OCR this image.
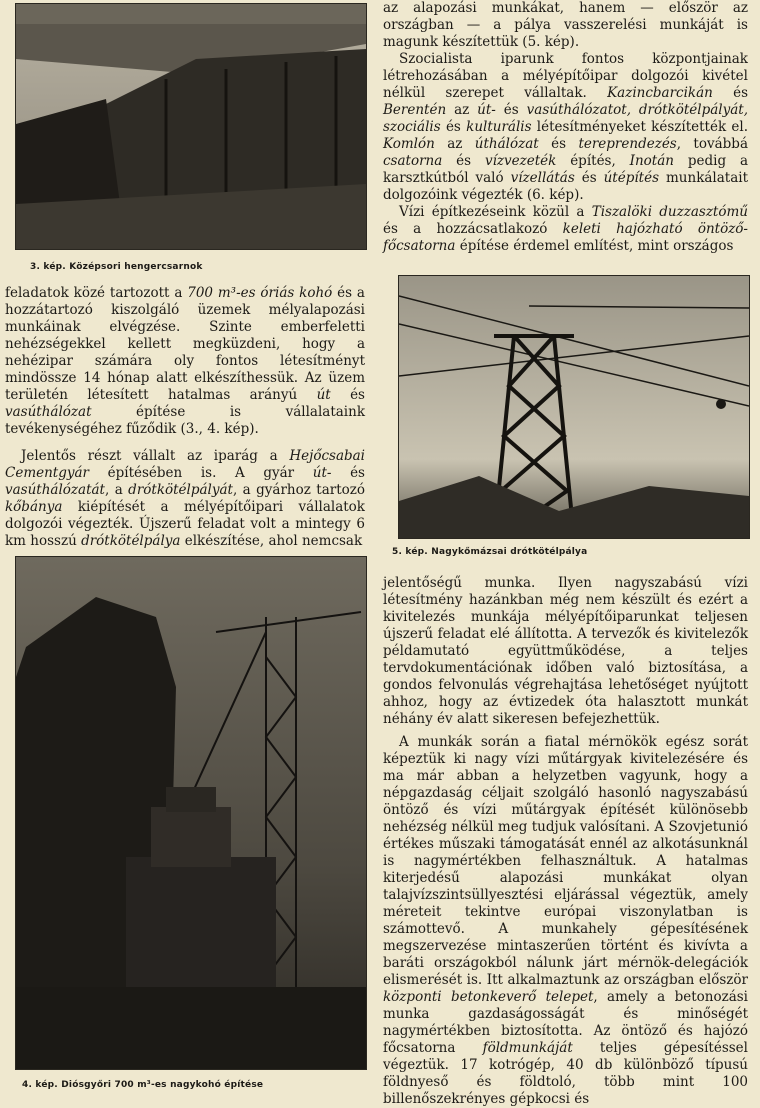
3. kép. Középsori hengercsarnok

feladatok közé tartozott a 700 m³-es óriás kohó és a hozzátartozó kiszolgáló üzemek mélyalapozási munkáinak elvégzése. Szinte emberfeletti nehézségekkel kellett megküzdeni, hogy a nehézipar számára oly fontos létesítményt mindössze 14 hónap alatt elkészíthessük. Az üzem területén létesített hatalmas arányú út és vasúthálózat építése is vállalataink tevékenységéhez fűződik (3., 4. kép).

Jelentős részt vállalt az iparág a Hejőcsabai Cementgyár építésében is. A gyár út- és vasúthálózatát, a drótkötélpályát, a gyárhoz tartozó kőbánya kiépítését a mélyépítőipari vállalatok dolgozói végezték. Újszerű feladat volt a mintegy 6 km hosszú drótkötélpálya elkészítése, ahol nemcsak

4. kép. Diósgyőri 700 m³-es nagykohó építése

az alapozási munkákat, hanem — először az országban — a pálya vasszerelési munkáját is magunk készítettük (5. kép).

Szocialista iparunk fontos központjainak létrehozásában a mélyépítőipar dolgozói kivétel nélkül szerepet vállaltak. Kazincbarcikán és Berentén az út- és vasúthálózatot, drótkötélpályát, szociális és kulturális létesítményeket készítették el. Komlón az úthálózat és tereprendezés, továbbá csatorna és vízvezeték építés, Inotán pedig a karsztkútból való vízellátás és útépítés munkálatait dolgozóink végezték (6. kép).

Vízi építkezéseink közül a Tiszalöki duzzasztómű és a hozzácsatlakozó keleti hajózható öntöző-főcsatorna építése érdemel említést, mint országos

5. kép. Nagykőmázsai drótkötélpálya

jelentőségű munka. Ilyen nagyszabású vízi létesítmény hazánkban még nem készült és ezért a kivitelezés munkája mélyépítőiparunkat teljesen újszerű feladat elé állította. A tervezők és kivitelezők példamutató együttműködése, a teljes tervdokumentációnak időben való biztosítása, a gondos felvonulás végrehajtása lehetőséget nyújtott ahhoz, hogy az évtizedek óta halasztott munkát néhány év alatt sikeresen befejezhettük.

A munkák során a fiatal mérnökök egész sorát képeztük ki nagy vízi műtárgyak kivitelezésére és ma már abban a helyzetben vagyunk, hogy a népgazdaság céljait szolgáló hasonló nagyszabású öntöző és vízi műtárgyak építését különösebb nehézség nélkül meg tudjuk valósítani. A Szovjetunió értékes műszaki támogatását ennél az alkotásunknál is nagymértékben felhasználtuk. A hatalmas kiterjedésű alapozási munkákat olyan talajvízszintsüllyesztési eljárással végeztük, amely méreteit tekintve európai viszonylatban is számottevő. A munkahely gépesítésének megszervezése mintaszerűen történt és kivívta a baráti országokból nálunk járt mérnök-delegációk elismerését is. Itt alkalmaztunk az országban először központi betonkeverő telepet, amely a betonozási munka gazdaságosságát és minőségét nagymértékben biztosította. Az öntöző és hajózó főcsatorna földmunkáját teljes gépesítéssel végeztük. 17 kotrógép, 40 db különböző típusú földnyeső és földtoló, több mint 100 billenőszekrényes gépkocsi és
